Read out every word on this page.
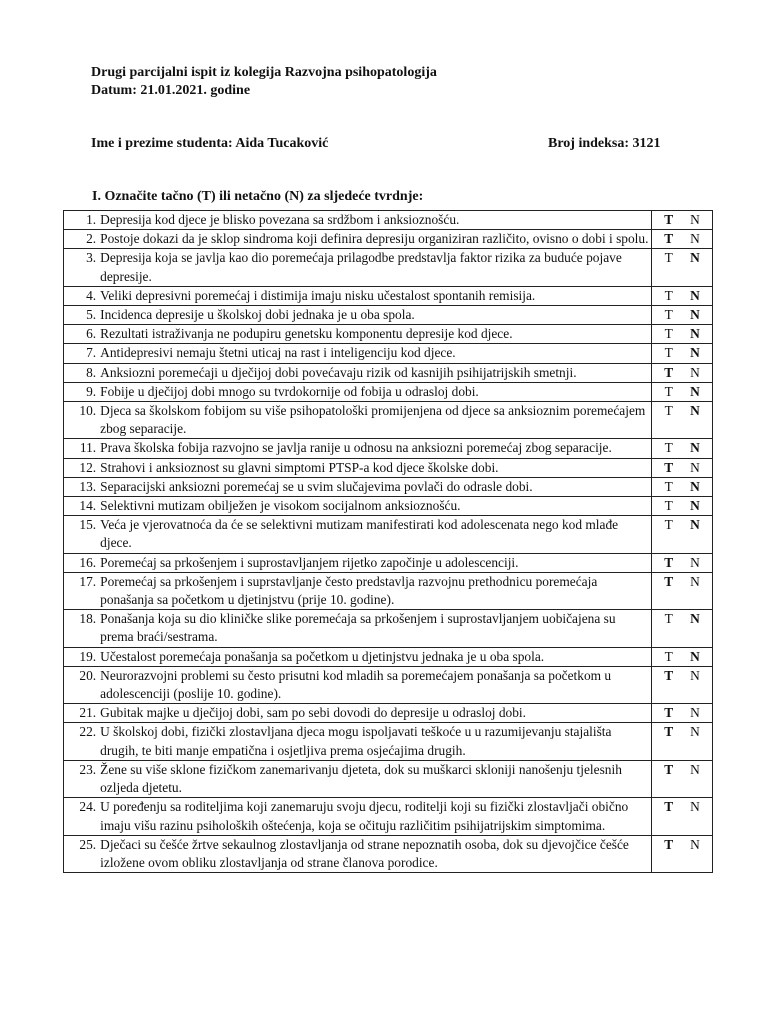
Drugi parcijalni ispit iz kolegija Razvojna psihopatologija
Datum: 21.01.2021. godine
Ime i prezime studenta: Aida Tucaković	Broj indeksa: 3121
I. Označite tačno (T) ili netačno (N) za sljedeće tvrdnje:
1.	Depresija kod djece je blisko povezana sa srdžbom i anksioznošću.	T N

2.	Postoje dokazi da je sklop sindroma koji definira depresiju organiziran različito, ovisno o dobi i spolu.	T N

3.	Depresija koja se javlja kao dio poremećaja prilagodbe predstavlja faktor rizika za buduće pojave depresije.	T N

4.	Veliki depresivni poremećaj i distimija imaju nisku učestalost spontanih remisija.	T N

5.	Incidencа depresije u školskoj dobi jednaka je u oba spola.	T N

6.	Rezultati istraživanja ne podupiru genetsku komponentu depresije kod djece.	T N

7.	Antidepresivi nemaju štetni uticaj na rast i inteligenciju kod djece.	T N

8.	Anksiozni poremećaji u dječijoj dobi povećavaju rizik od kasnijih psihijatrijskih smetnji.	T N

9.	Fobije u dječijoj dobi mnogo su tvrdokornije od fobija u odrasloj dobi.	T N

10.	Djeca sa školskom fobijom su više psihopatološki promijenjena od djece sa anksioznim poremećajem zbog separacije.	T N

11.	Prava školska fobija razvojno se javlja ranije u odnosu na anksiozni poremećaj zbog separacije.	T N

12.	Strahovi i anksioznost su glavni simptomi PTSP-a kod djece školske dobi.	T N

13.	Separacijski anksiozni poremećaj se u svim slučajevima povlači do odrasle dobi.	T N

14.	Selektivni mutizam obilježen je visokom socijalnom anksioznošću.	T N

15.	Veća je vjerovatnoća da će se selektivni mutizam manifestirati kod adolescenata nego kod mlađe djece.	T N

16.	Poremećaj sa prkošenjem i suprostavljanjem rijetko započinje u adolescenciji.	T N

17.	Poremećaj sa prkošenjem i suprstavljanje često predstavlja razvojnu prethodnicu poremećaja ponašanja sa početkom u djetinjstvu (prije 10. godine).	T N

18.	Ponašanja koja su dio kliničke slike poremećaja sa prkošenjem i suprostavljanjem uobičajena su prema braći/sestrama.	T N

19.	Učestalost poremećaja ponašanja sa početkom u djetinjstvu jednaka je u oba spola.	T N

20.	Neurorazvojni problemi su često prisutni kod mladih sa poremećajem ponašanja sa početkom u adolescenciji (poslije 10. godine).	T N

21.	Gubitak majke u dječijoj dobi, sam po sebi dovodi do depresije u odrasloj dobi.	T N

22.	U školskoj dobi, fizički zlostavljana djeca mogu ispoljavati teškoće u u razumijevanju stajališta drugih, te biti manje empatična i osjetljiva prema osjećajima drugih.	T N

23.	Žene su više sklone fizičkom zanemarivanju djeteta, dok su muškarci skloniji nanošenju tjelesnih ozljeda djetetu.	T N

24.	U poređenju sa roditeljima koji zanemaruju svoju djecu, roditelji koji su fizički zlostavljači obično imaju višu razinu psiholoških oštećenja, koja se očituju različitim psihijatrijskim simptomima.	T N

25.	Dječaci su češće žrtve sekaulnog zlostavljanja od strane nepoznatih osoba, dok su djevojčice češće izložene ovom obliku zlostavljanja od strane članova porodice.	T N
